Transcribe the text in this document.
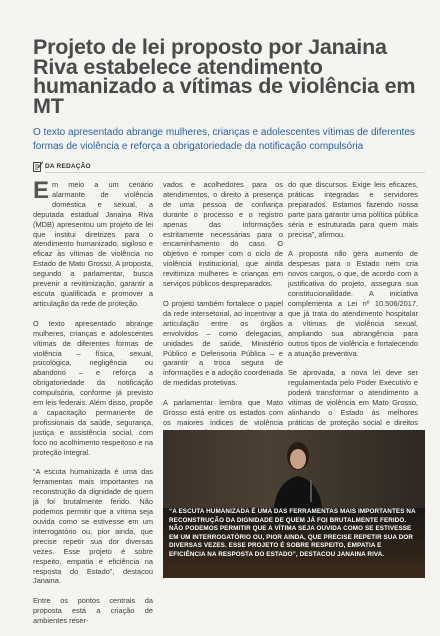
Projeto de lei proposto por Janaina Riva estabelece atendimento humanizado a vítimas de violência em MT

O texto apresentado abrange mulheres, crianças e adolescentes vítimas de diferentes formas de violência e reforça a obrigatoriedade da notificação compulsória

DA REDAÇÃO

Em meio a um cenário alarmante de violência doméstica e sexual, a deputada estadual Janaina Riva (MDB) apresentou um projeto de lei que institui diretrizes para o atendimento humanizado, sigiloso e eficaz às vítimas de violência no Estado de Mato Grosso. A proposta, segundo a parlamentar, busca prevenir a revitimização, garantir a escuta qualificada e promover a articulação da rede de proteção.

O texto apresentado abrange mulheres, crianças e adolescentes vítimas de diferentes formas de violência – física, sexual, psicológica, negligência ou abandono – e reforça a obrigatoriedade da notificação compulsória, conforme já previsto em leis federais. Além disso, propõe a capacitação permanente de profissionais da saúde, segurança, justiça e assistência social, com foco no acolhimento respeitoso e na proteção integral.

“A escuta humanizada é uma das ferramentas mais importantes na reconstrução da dignidade de quem já foi brutalmente ferido. Não podemos permitir que a vítima seja ouvida como se estivesse em um interrogatório ou, pior ainda, que precise repetir sua dor diversas vezes. Esse projeto é sobre respeito, empatia e eficiência na resposta do Estado”, destacou Janaina.

Entre os pontos centrais da proposta está a criação de ambientes reser-

vados e acolhedores para os atendimentos, o direito à presença de uma pessoa de confiança durante o processo e o registro apenas das informações estritamente necessárias para o encaminhamento do caso. O objetivo é romper com o ciclo de violência institucional, que ainda revitimiza mulheres e crianças em serviços públicos despreparados.

O projeto também fortalece o papel da rede intersetorial, ao incentivar a articulação entre os órgãos envolvidos – como delegacias, unidades de saúde, Ministério Público e Defensoria Pública – e garantir a troca segura de informações e a adoção coordenada de medidas protetivas.

A parlamentar lembra que Mato Grosso está entre os estados com os maiores índices de violência

do que discursos. Exige leis eficazes, práticas integradas e servidores preparados. Estamos fazendo nossa parte para garantir uma política pública séria e estruturada para quem mais precisa”, afirmou.

A proposta não gera aumento de despesas para o Estado nem cria novos cargos, o que, de acordo com a justificativa do projeto, assegura sua constitucionalidade. A iniciativa complementa a Lei nº 10.506/2017, que já trata do atendimento hospitalar a vítimas de violência sexual, ampliando sua abrangência para outros tipos de violência e fortalecendo a atuação preventiva.

Se aprovada, a nova lei deve ser regulamentada pelo Poder Executivo e poderá transformar o atendimento a vítimas de violência em Mato Grosso, alinhando o Estado às melhores práticas de proteção social e direitos

“A ESCUTA HUMANIZADA É UMA DAS FERRAMENTAS MAIS IMPORTANTES NA RECONSTRUÇÃO DA DIGNIDADE DE QUEM JÁ FOI BRUTALMENTE FERIDO. NÃO PODEMOS PERMITIR QUE A VÍTIMA SEJA OUVIDA COMO SE ESTIVESSE EM UM INTERROGATÓRIO OU, PIOR AINDA, QUE PRECISE REPETIR SUA DOR DIVERSAS VEZES. ESSE PROJETO É SOBRE RESPEITO, EMPATIA E EFICIÊNCIA NA RESPOSTA DO ESTADO”, DESTACOU JANAINA RIVA.
